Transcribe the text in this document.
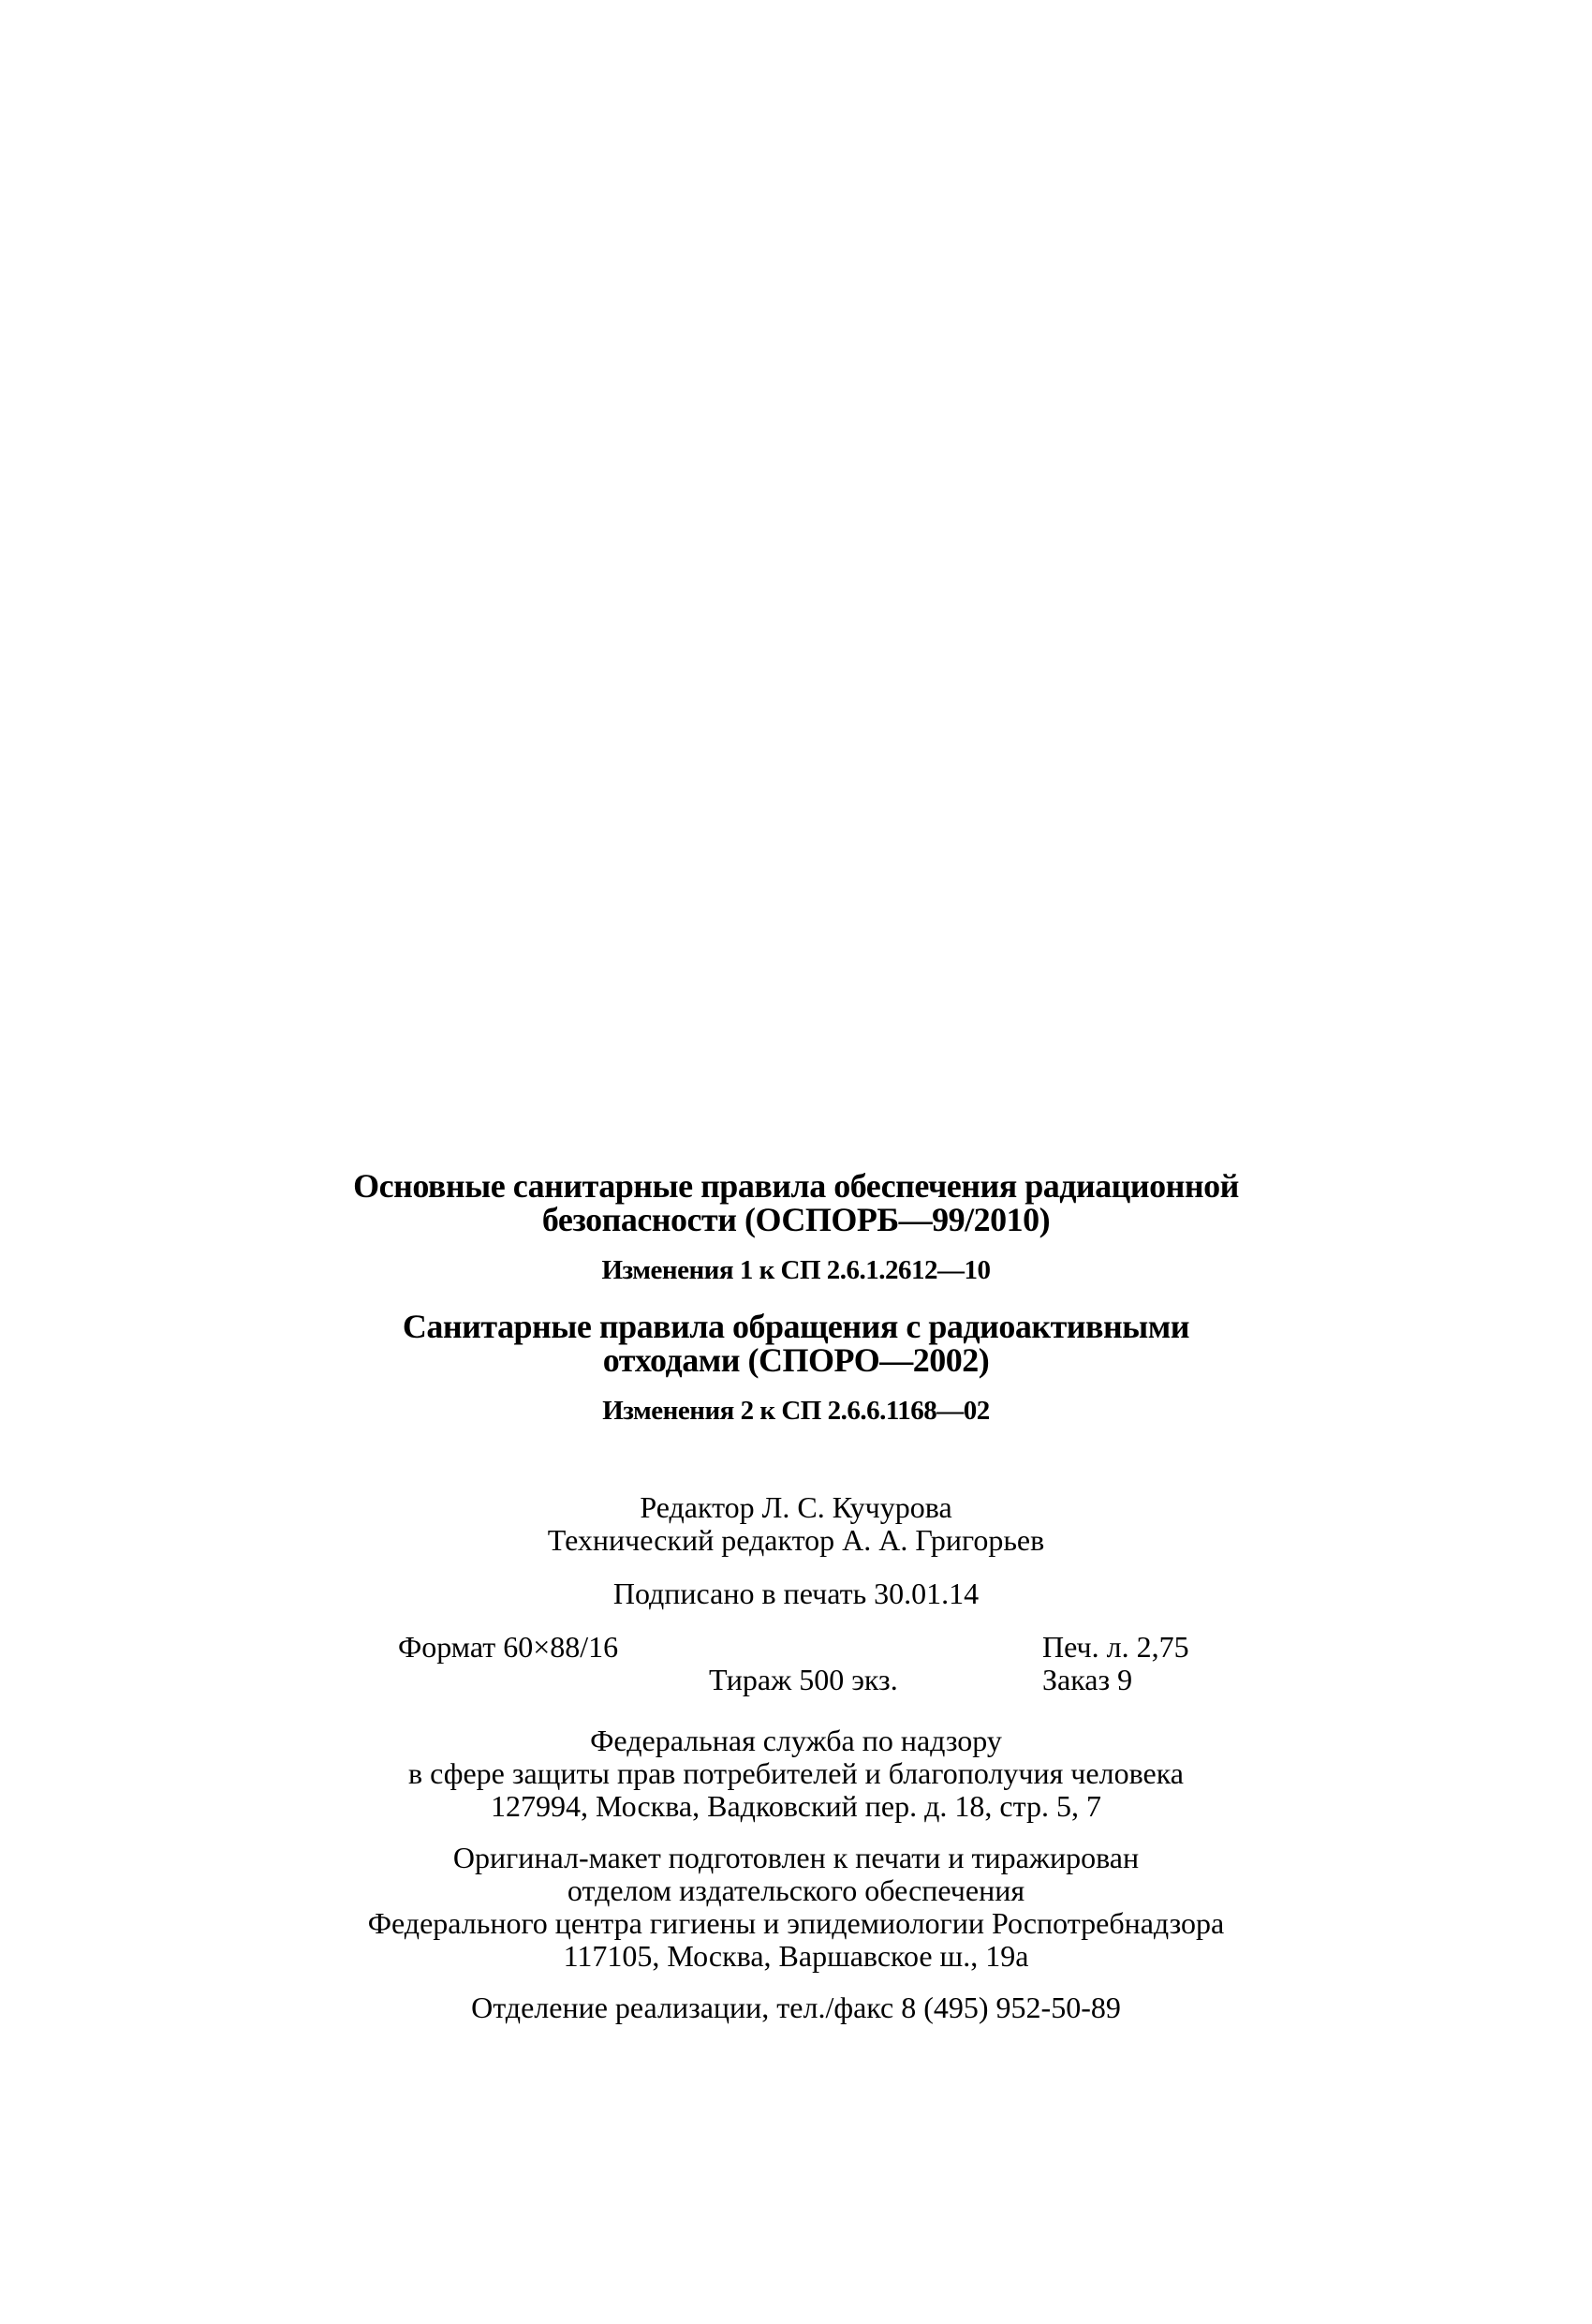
Основные санитарные правила обеспечения радиационной
безопасности (ОСПОРБ—99/2010)
Изменения 1 к СП 2.6.1.2612—10
Санитарные правила обращения с радиоактивными
отходами (СПОРО—2002)
Изменения 2 к СП 2.6.6.1168—02
Редактор Л. С. Кучурова
Технический редактор А. А. Григорьев
Подписано в печать 30.01.14
Формат 60×88/16	Печ. л. 2,75
Тираж 500 экз.	Заказ 9
Федеральная служба по надзору
в сфере защиты прав потребителей и благополучия человека
127994, Москва, Вадковский пер. д. 18, стр. 5, 7
Оригинал-макет подготовлен к печати и тиражирован
отделом издательского обеспечения
Федерального центра гигиены и эпидемиологии Роспотребнадзора
117105, Москва, Варшавское ш., 19а
Отделение реализации, тел./факс 8 (495) 952-50-89
